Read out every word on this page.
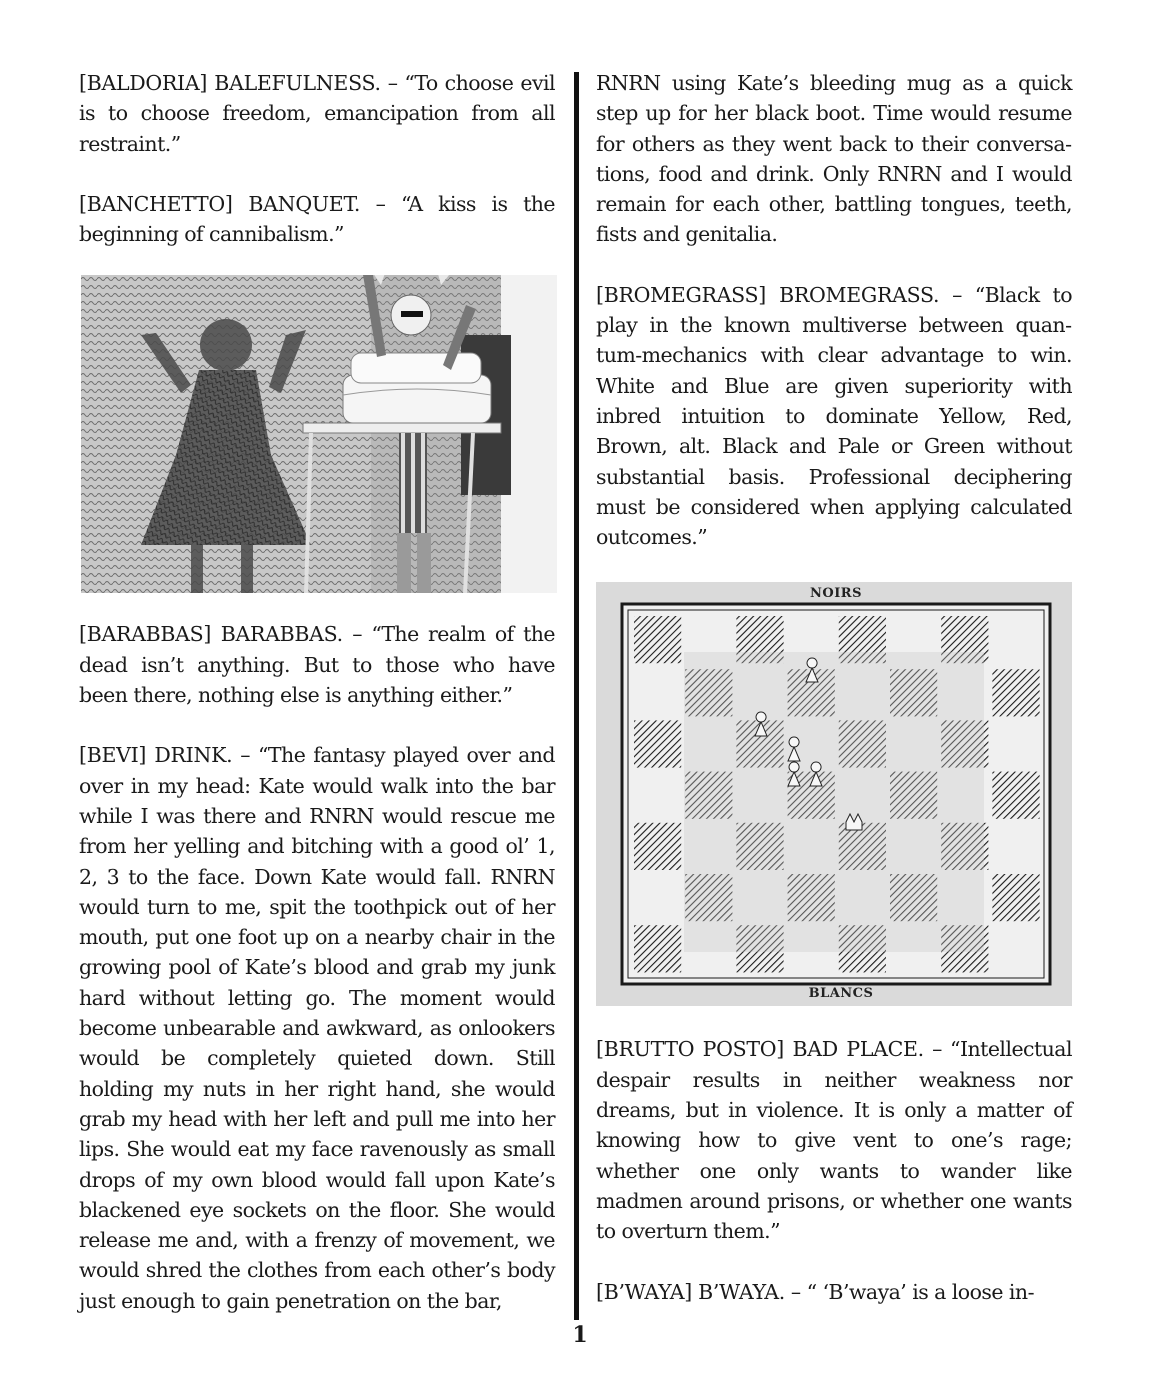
[BALDORIA] BALEFULNESS. – “To choose evil is to choose freedom, emancipation from all restraint.”

[BANCHETTO] BANQUET. – “A kiss is the beginning of cannibalism.”

[BARABBAS] BARABBAS. – “The realm of the dead isn’t anything. But to those who have been there, nothing else is anything either.”

[BEVI] DRINK. – “The fantasy played over and over in my head: Kate would walk into the bar while I was there and RNRN would rescue me from her yelling and bitching with a good ol’ 1, 2, 3 to the face. Down Kate would fall. RNRN would turn to me, spit the toothpick out of her mouth, put one foot up on a nearby chair in the growing pool of Kate’s blood and grab my junk hard without letting go. The moment would become unbearable and awkward, as onlookers would be completely quieted down. Still holding my nuts in her right hand, she would grab my head with her left and pull me into her lips. She would eat my face ravenously as small drops of my own blood would fall upon Kate’s blackened eye sockets on the floor. She would release me and, with a frenzy of movement, we would shred the clothes from each other’s body just enough to gain penetration on the bar,

RNRN using Kate’s bleeding mug as a quick step up for her black boot. Time would resume for others as they went back to their conversations, food and drink. Only RNRN and I would remain for each other, battling tongues, teeth, fists and genitalia.

[BROMEGRASS] BROMEGRASS. – “Black to play in the known multiverse between quantum-mechanics with clear advantage to win. White and Blue are given superiority with inbred intuition to dominate Yellow, Red, Brown, alt. Black and Pale or Green without substantial basis. Professional deciphering must be considered when applying calculated outcomes.”

NOIRS
BLANCS

[BRUTTO POSTO] BAD PLACE. – “Intellectual despair results in neither weakness nor dreams, but in violence. It is only a matter of knowing how to give vent to one’s rage; whether one only wants to wander like madmen around prisons, or whether one wants to overturn them.”

[B’WAYA] B’WAYA. – “ ‘B’waya’ is a loose in-

1
